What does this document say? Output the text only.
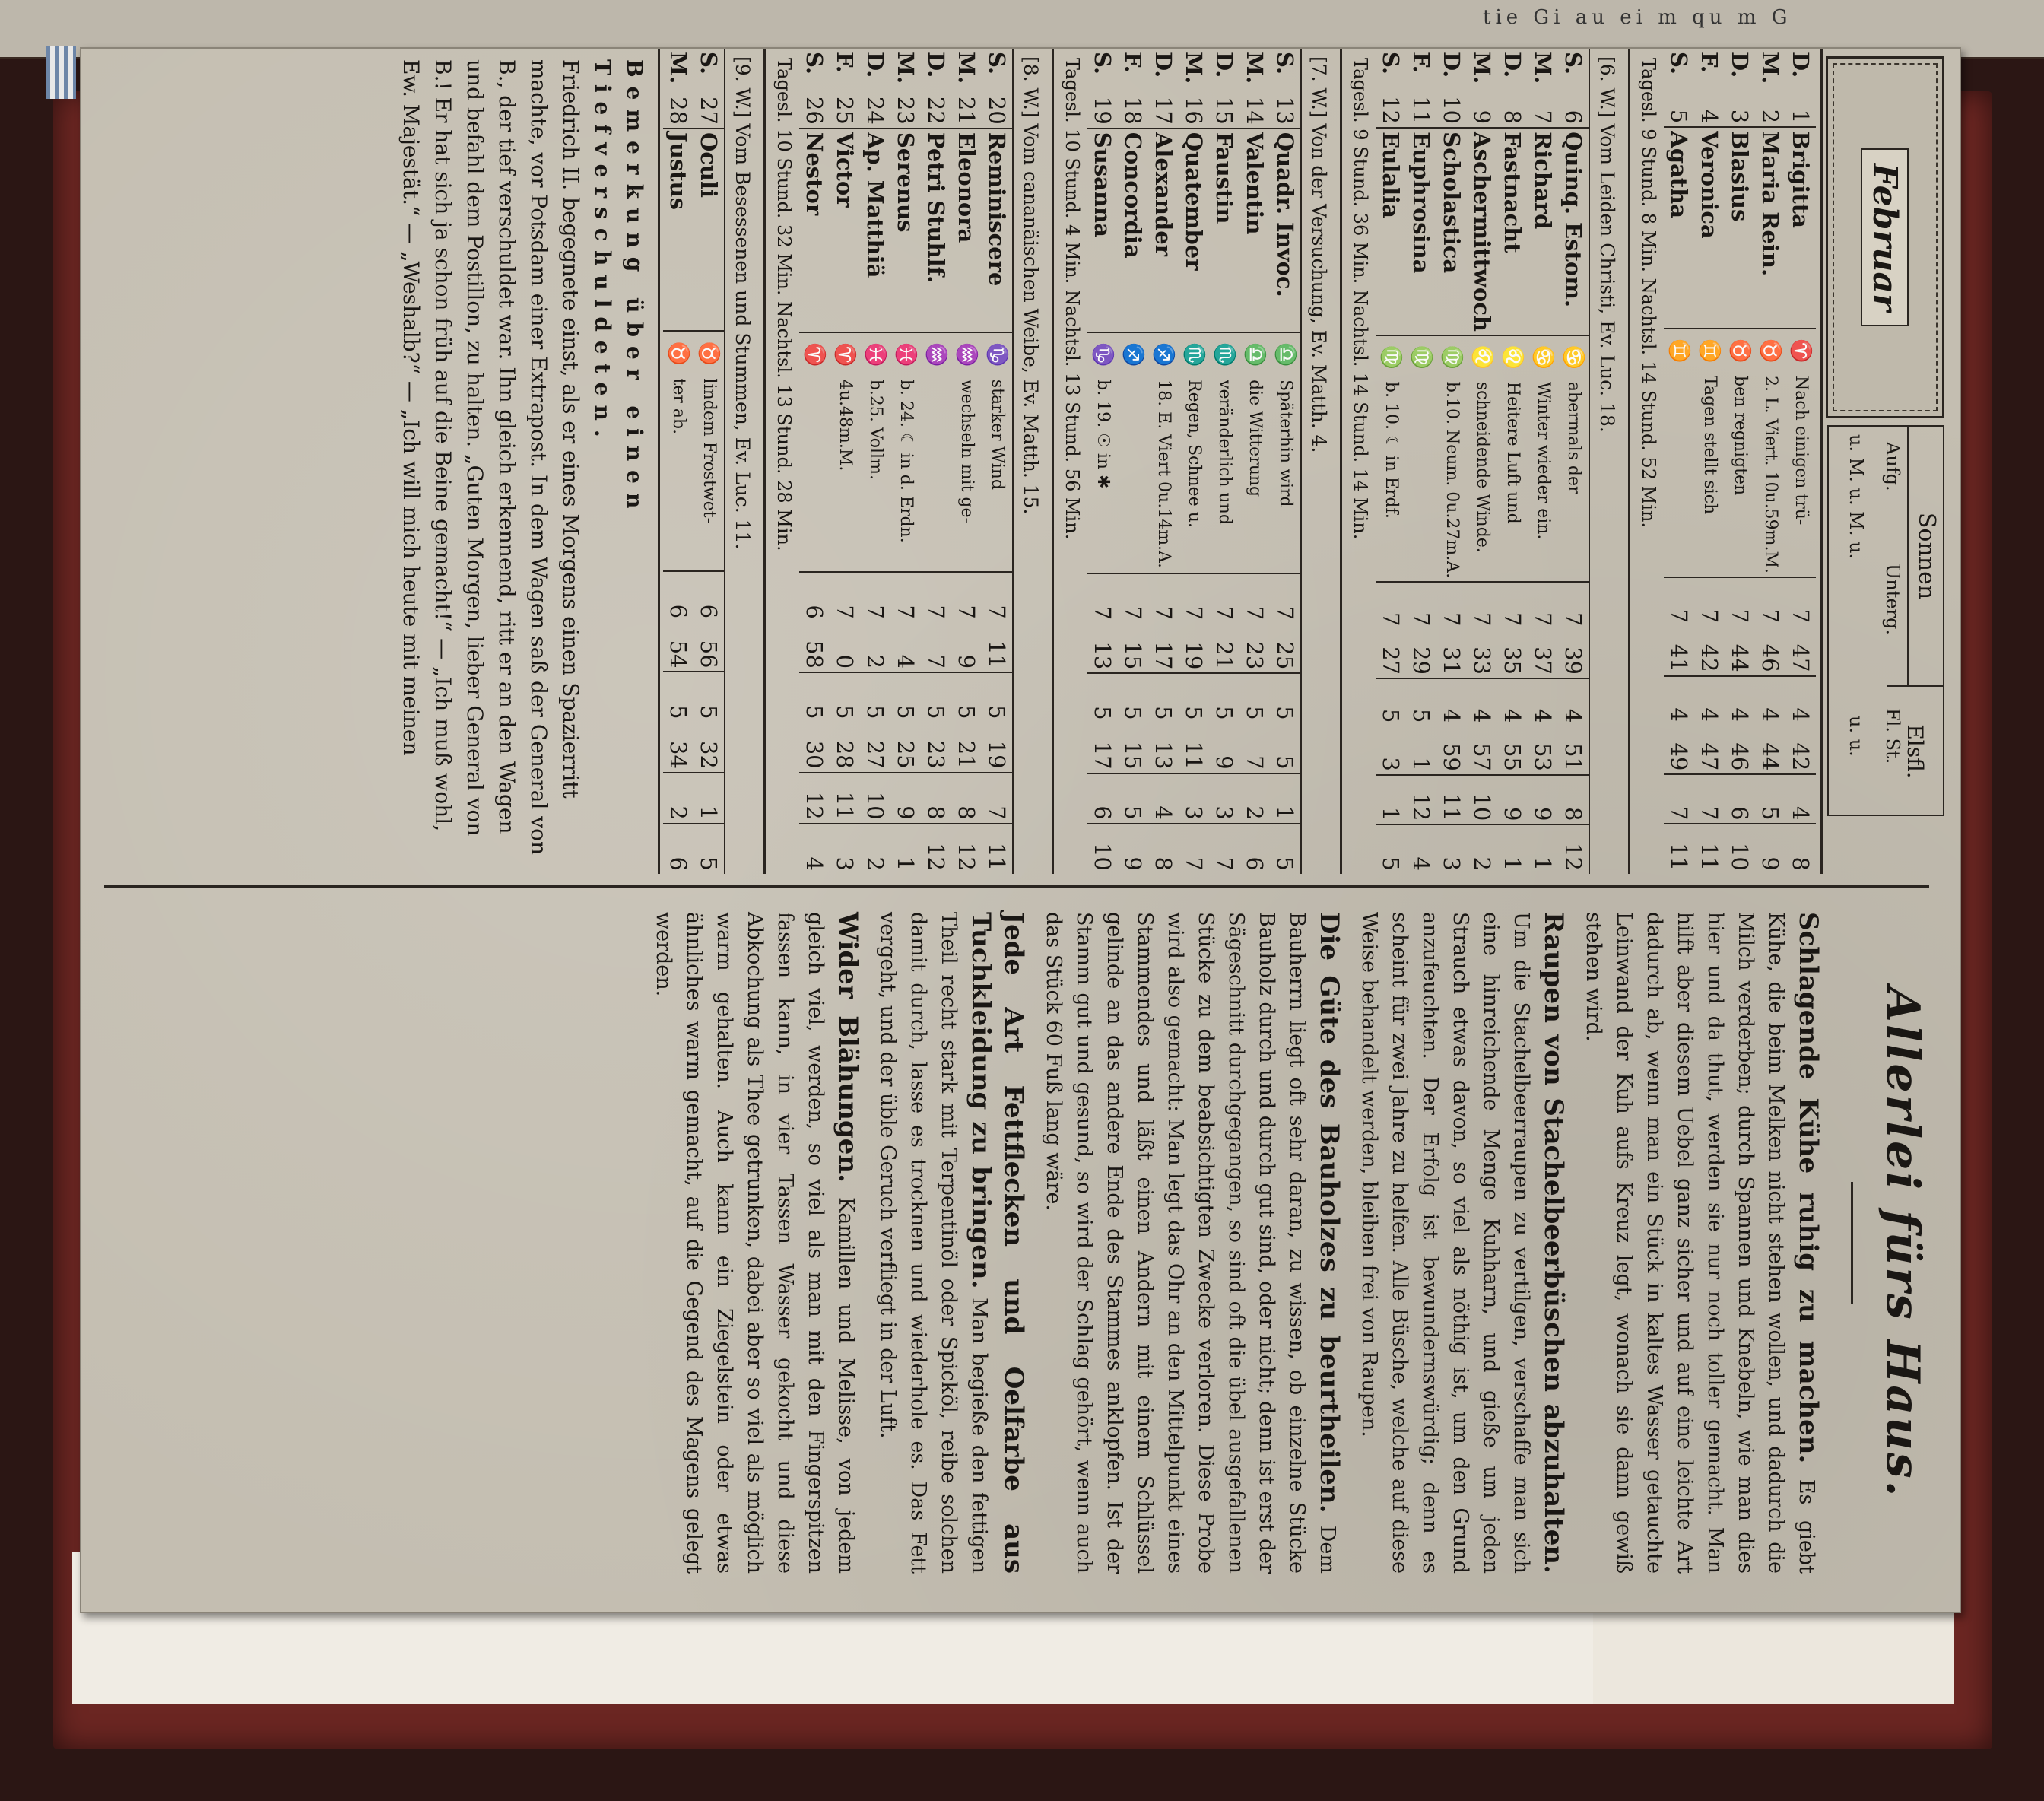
tie Gi au ei m qu m G
Februar
Sonnen
Elsfl.
Aufg.
Unterg.
Fl. St.
u. M. u. M. u.
u. u.
D.	1	Brigitta	♈	Nach einigen trü-	7	47	4	42	4	8
M.	2	Maria Rein.	♉	2. L. Viert. 10u.59m.M.	7	46	4	44	5	9
D.	3	Blasius	♉	ben regnigten	7	44	4	46	6	10
F.	4	Veronica	♊	Tagen stellt sich	7	42	4	47	7	11
S.	5	Agatha	♊		7	41	4	49	7	11
Tagesl. 9 Stund. 8 Min. Nachtsl. 14 Stund. 52 Min.
[6. W.] Vom Leiden Christi, Ev. Luc. 18.
S.	6	Quinq. Estom.	♋	abermals der	7	39	4	51	8	12
M.	7	Richard	♋	Winter wieder ein.	7	37	4	53	9	1
D.	8	Fastnacht	♌	Heitere Luft und	7	35	4	55	9	1
M.	9	Aschermittwoch	♌	schneidende Winde.	7	33	4	57	10	2
D.	10	Scholastica	♍	b.10. Neum. 0u.27m.A.	7	31	4	59	11	3
F.	11	Euphrosina	♍		7	29	5	1	12	4
S.	12	Eulalia	♍	b. 10. ☾ in Erdf.	7	27	5	3	1	5
Tagesl. 9 Stund. 36 Min. Nachtsl. 14 Stund. 14 Min.
[7. W.] Von der Versuchung, Ev. Matth. 4.
S.	13	Quadr. Invoc.	♎	Späterhin wird	7	25	5	5	1	5
M.	14	Valentin	♎	die Witterung	7	23	5	7	2	6
D.	15	Faustin	♏	veränderlich und	7	21	5	9	3	7
M.	16	Quatember	♏	Regen, Schnee u.	7	19	5	11	3	7
D.	17	Alexander	♐	18. E. Viert 0u.14m.A.	7	17	5	13	4	8
F.	18	Concordia	♐		7	15	5	15	5	9
S.	19	Susanna	♑	b. 19. ☉ in ✱	7	13	5	17	6	10
Tagesl. 10 Stund. 4 Min. Nachtsl. 13 Stund. 56 Min.
[8. W.] Vom cananäischen Weibe, Ev. Matth. 15.
S.	20	Reminiscere	♑	starker Wind	7	11	5	19	7	11
M.	21	Eleonora	♒	wechseln mit ge-	7	9	5	21	8	12
D.	22	Petri Stuhlf.	♒		7	7	5	23	8	12
M.	23	Serenus	♓	b. 24. ☾ in d. Erdn.	7	4	5	25	9	1
D.	24	Ap. Matthiä	♓	b.25. Vollm.	7	2	5	27	10	2
F.	25	Victor	♈	4u.48m.M.	7	0	5	28	11	3
S.	26	Nestor	♈		6	58	5	30	12	4
Tagesl. 10 Stund. 32 Min. Nachtsl. 13 Stund. 28 Min.
[9. W.] Vom Besessenen und Stummen, Ev. Luc. 11.
S.	27	Oculi	♉	lindem Frostwet-	6	56	5	32	1	5
M.	28	Justus	♉	ter ab.	6	54	5	34	2	6
Bemerkung über einen Tiefverschuldeten.
Friedrich II. begegnete einst, als er eines Morgens einen Spazierritt machte, vor Potsdam einer Extrapost. In dem Wagen saß der General von B., der tief verschuldet war. Ihn gleich erkennend, ritt er an den Wagen und befahl dem Postillon, zu halten. „Guten Morgen, lieber General von B.! Er hat sich ja schon früh auf die Beine gemacht!“ — „Ich muß wohl, Ew. Majestät.“ — „Weshalb?“ — „Ich will mich heute mit meinen
Allerlei fürs Haus.
Schlagende Kühe ruhig zu machen. Es giebt Kühe, die beim Melken nicht stehen wollen, und dadurch die Milch verderben; durch Spannen und Knebeln, wie man dies hier und da thut, werden sie nur noch toller gemacht. Man hilft aber diesem Uebel ganz sicher und auf eine leichte Art dadurch ab, wenn man ein Stück in kaltes Wasser getauchte Leinwand der Kuh aufs Kreuz legt, wonach sie dann gewiß stehen wird.
Raupen von Stachelbeerbüschen abzuhalten. Um die Stachelbeerraupen zu vertilgen, verschaffe man sich eine hinreichende Menge Kuhharn, und gieße um jeden Strauch etwas davon, so viel als nöthig ist, um den Grund anzufeuchten. Der Erfolg ist bewundernswürdig; denn es scheint für zwei Jahre zu helfen. Alle Büsche, welche auf diese Weise behandelt werden, bleiben frei von Raupen.
Die Güte des Bauholzes zu beurtheilen. Dem Bauherrn liegt oft sehr daran, zu wissen, ob einzelne Stücke Bauholz durch und durch gut sind, oder nicht; denn ist erst der Sägeschnitt durchgegangen, so sind oft die übel ausgefallenen Stücke zu dem beabsichtigten Zwecke verloren. Diese Probe wird also gemacht: Man legt das Ohr an den Mittelpunkt eines Stammendes und läßt einen Andern mit einem Schlüssel gelinde an das andere Ende des Stammes anklopfen. Ist der Stamm gut und gesund, so wird der Schlag gehört, wenn auch das Stück 60 Fuß lang wäre.
Jede Art Fettflecken und Oelfarbe aus Tuchkleidung zu bringen. Man begieße den fettigen Theil recht stark mit Terpentinöl oder Spicköl, reibe solchen damit durch, lasse es trocknen und wiederhole es. Das Fett vergeht, und der üble Geruch verfliegt in der Luft.
Wider Blähungen. Kamillen und Melisse, von jedem gleich viel, werden, so viel als man mit den Fingerspitzen fassen kann, in vier Tassen Wasser gekocht und diese Abkochung als Thee getrunken, dabei aber so viel als möglich warm gehalten. Auch kann ein Ziegelstein oder etwas ähnliches warm gemacht, auf die Gegend des Magens gelegt werden.
